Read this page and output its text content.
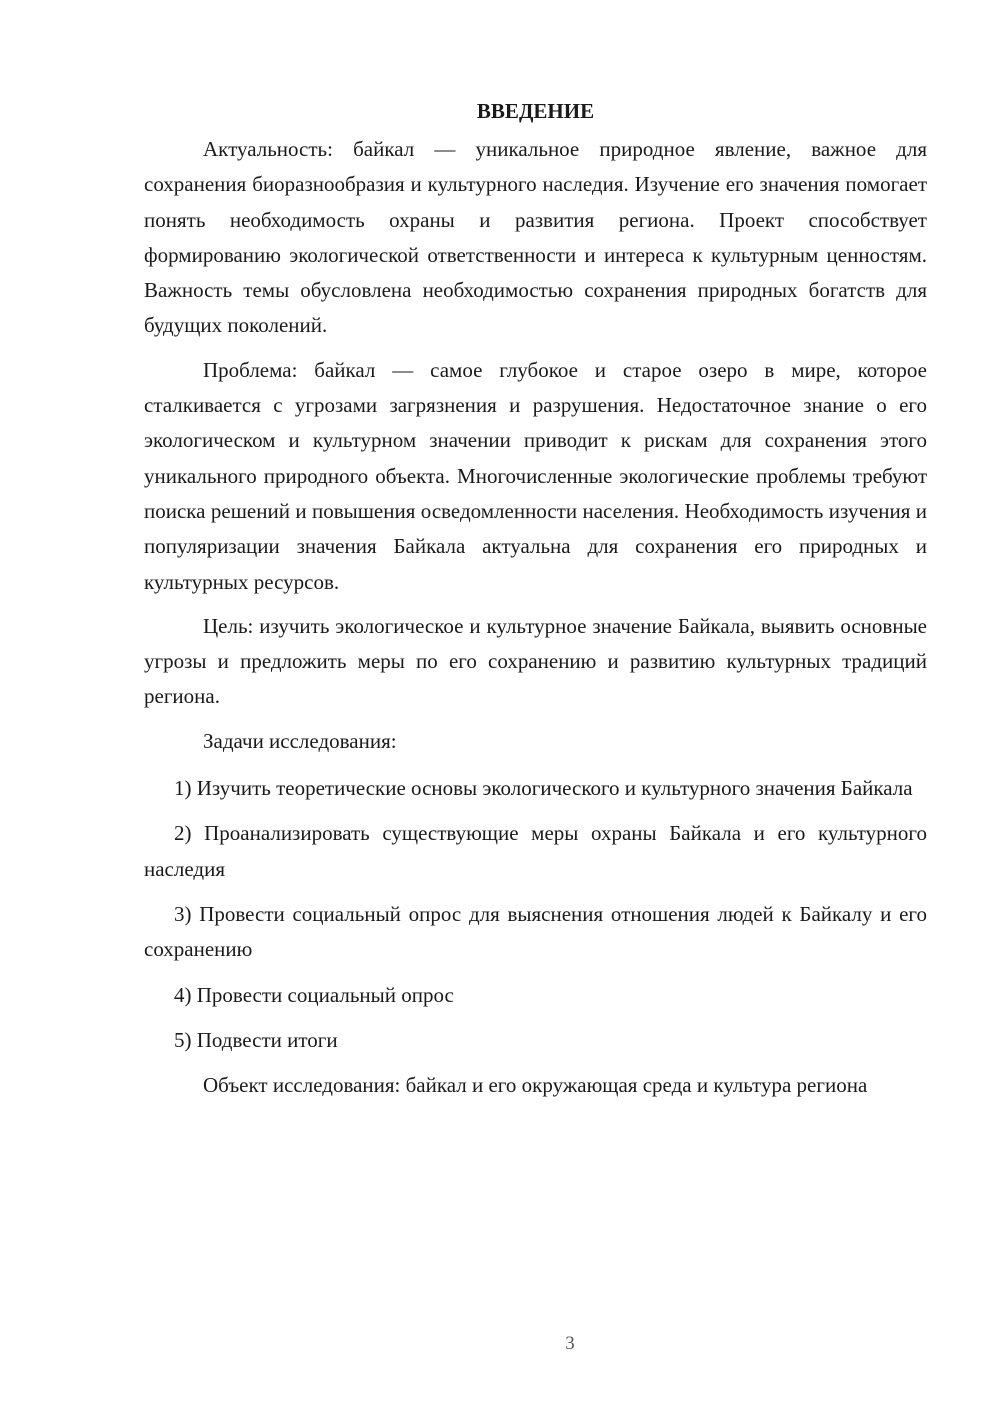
ВВЕДЕНИЕ

Актуальность: байкал — уникальное природное явление, важное для сохранения биоразнообразия и культурного наследия. Изучение его значения помогает понять необходимость охраны и развития региона. Проект способствует формированию экологической ответственности и интереса к культурным ценностям. Важность темы обусловлена необходимостью сохранения природных богатств для будущих поколений.

Проблема: байкал — самое глубокое и старое озеро в мире, которое сталкивается с угрозами загрязнения и разрушения. Недостаточное знание о его экологическом и культурном значении приводит к рискам для сохранения этого уникального природного объекта. Многочисленные экологические проблемы требуют поиска решений и повышения осведомленности населения. Необходимость изучения и популяризации значения Байкала актуальна для сохранения его природных и культурных ресурсов.

Цель: изучить экологическое и культурное значение Байкала, выявить основные угрозы и предложить меры по его сохранению и развитию культурных традиций региона.

Задачи исследования:

1) Изучить теоретические основы экологического и культурного значения Байкала

2) Проанализировать существующие меры охраны Байкала и его культурного наследия

3) Провести социальный опрос для выяснения отношения людей к Байкалу и его сохранению

4) Провести социальный опрос

5) Подвести итоги

Объект исследования: байкал и его окружающая среда и культура региона

3
